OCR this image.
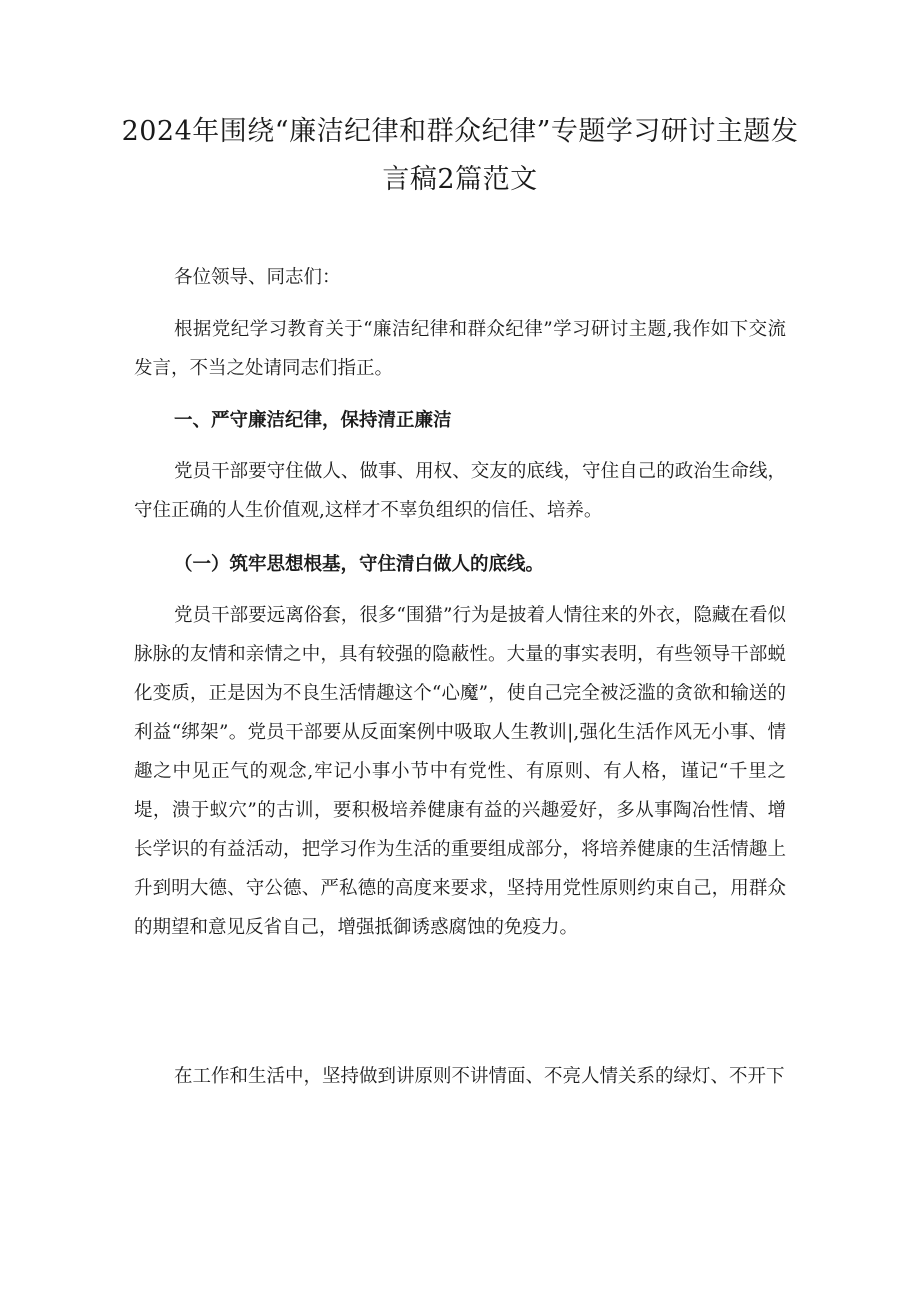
2024年围绕“廉洁纪律和群众纪律”专题学习研讨主题发言稿2篇范文

各位领导、同志们：

根据党纪学习教育关于“廉洁纪律和群众纪律”学习研讨主题,我作如下交流发言，不当之处请同志们指正。

一、严守廉洁纪律，保持清正廉洁

党员干部要守住做人、做事、用权、交友的底线，守住自己的政治生命线，守住正确的人生价值观,这样才不辜负组织的信任、培养。

（一）筑牢思想根基，守住清白做人的底线。

党员干部要远离俗套，很多“围猎”行为是披着人情往来的外衣，隐藏在看似脉脉的友情和亲情之中，具有较强的隐蔽性。大量的事实表明，有些领导干部蜕化变质，正是因为不良生活情趣这个“心魔”，使自己完全被泛滥的贪欲和输送的利益“绑架”。党员干部要从反面案例中吸取人生教训|,强化生活作风无小事、情趣之中见正气的观念,牢记小事小节中有党性、有原则、有人格，谨记“千里之堤，溃于蚁穴”的古训，要积极培养健康有益的兴趣爱好，多从事陶冶性情、增长学识的有益活动，把学习作为生活的重要组成部分，将培养健康的生活情趣上升到明大德、守公德、严私德的高度来要求，坚持用党性原则约束自己，用群众的期望和意见反省自己，增强抵御诱惑腐蚀的免疫力。

在工作和生活中，坚持做到讲原则不讲情面、不亮人情关系的绿灯、不开下
